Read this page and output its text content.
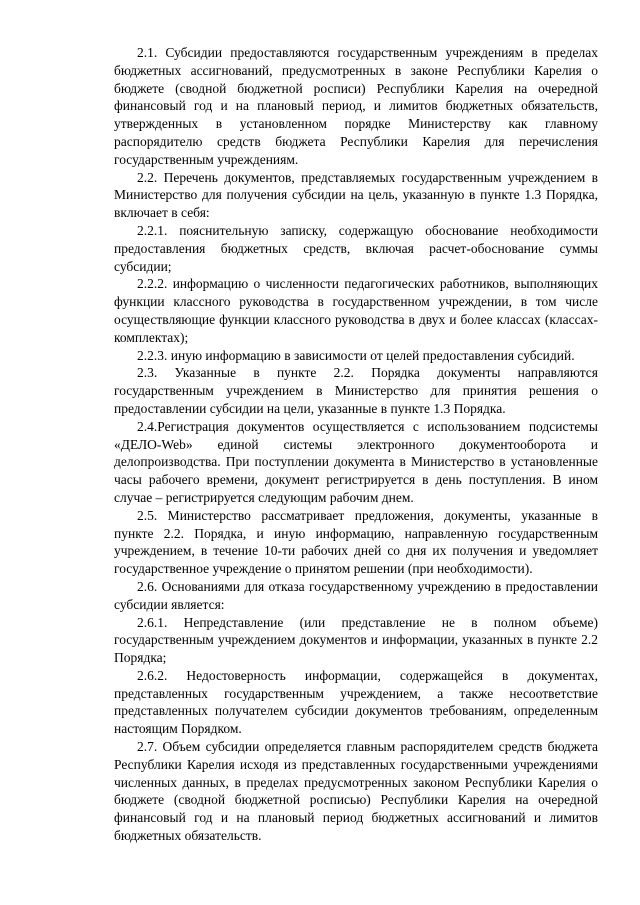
2.1. Субсидии предоставляются государственным учреждениям в пределах бюджетных ассигнований, предусмотренных в законе Республики Карелия о бюджете (сводной бюджетной росписи) Республики Карелия на очередной финансовый год и на плановый период, и лимитов бюджетных обязательств, утвержденных в установленном порядке Министерству как главному распорядителю средств бюджета Республики Карелия для перечисления государственным учреждениям.

2.2. Перечень документов, представляемых государственным учреждением в Министерство для получения субсидии на цель, указанную в пункте 1.3 Порядка, включает в себя:

2.2.1. пояснительную записку, содержащую обоснование необходимости предоставления бюджетных средств, включая расчет-обоснование суммы субсидии;

2.2.2. информацию о численности педагогических работников, выполняющих функции классного руководства в государственном учреждении, в том числе осуществляющие функции классного руководства в двух и более классах (классах-комплектах);

2.2.3. иную информацию в зависимости от целей предоставления субсидий.

2.3. Указанные в пункте 2.2. Порядка документы направляются государственным учреждением в Министерство для принятия решения о предоставлении субсидии на цели, указанные в пункте 1.3 Порядка.

2.4.Регистрация документов осуществляется с использованием подсистемы «ДЕЛО-Web» единой системы электронного документооборота и делопроизводства. При поступлении документа в Министерство в установленные часы рабочего времени, документ регистрируется в день поступления. В ином случае – регистрируется следующим рабочим днем.

2.5. Министерство рассматривает предложения, документы, указанные в пункте 2.2. Порядка, и иную информацию, направленную государственным учреждением, в течение 10-ти рабочих дней со дня их получения и уведомляет государственное учреждение о принятом решении (при необходимости).

2.6. Основаниями для отказа государственному учреждению в предоставлении субсидии является:

2.6.1. Непредставление (или представление не в полном объеме) государственным учреждением документов и информации, указанных в пункте 2.2 Порядка;

2.6.2. Недостоверность информации, содержащейся в документах, представленных государственным учреждением, а также несоответствие представленных получателем субсидии документов требованиям, определенным настоящим Порядком.

2.7. Объем субсидии определяется главным распорядителем средств бюджета Республики Карелия исходя из представленных государственными учреждениями численных данных, в пределах предусмотренных законом Республики Карелия о бюджете (сводной бюджетной росписью) Республики Карелия на очередной финансовый год и на плановый период бюджетных ассигнований и лимитов бюджетных обязательств.
